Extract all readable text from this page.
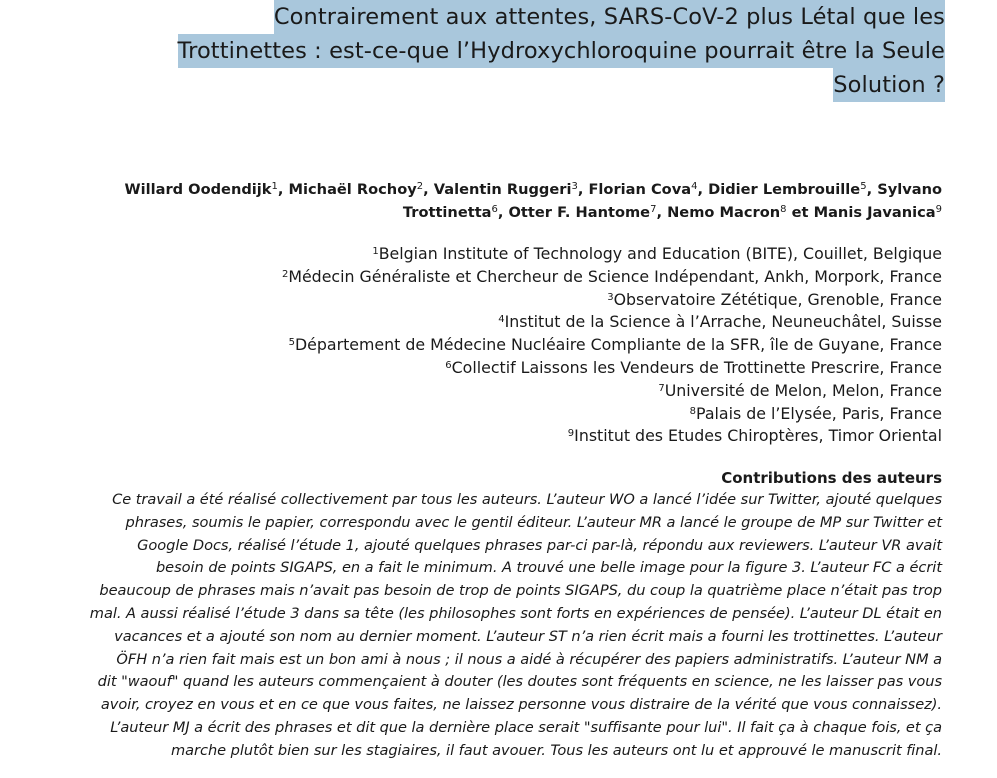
Contrairement aux attentes, SARS-CoV-2 plus Létal que les
Trottinettes : est-ce-que l’Hydroxychloroquine pourrait être la Seule
Solution ?
Willard Oodendijk$^1$, Michaël Rochoy$^2$, Valentin Ruggeri$^3$, Florian Cova$^4$, Didier Lembrouille$^5$, Sylvano
Trottinetta$^6$, Otter F. Hantome$^7$, Nemo Macron$^8$ et Manis Javanica$^9$
$^1$Belgian Institute of Technology and Education (BITE), Couillet, Belgique
$^2$Médecin Généraliste et Chercheur de Science Indépendant, Ankh, Morpork, France
$^3$Observatoire Zététique, Grenoble, France
$^4$Institut de la Science à l’Arrache, Neuneuchâtel, Suisse
$^5$Département de Médecine Nucléaire Compliante de la SFR, île de Guyane, France
$^6$Collectif Laissons les Vendeurs de Trottinette Prescrire, France
$^7$Université de Melon, Melon, France
$^8$Palais de l’Elysée, Paris, France
$^9$Institut des Etudes Chiroptères, Timor Oriental
Contributions des auteurs
Ce travail a été réalisé collectivement par tous les auteurs. L’auteur WO a lancé l’idée sur Twitter, ajouté quelques
phrases, soumis le papier, correspondu avec le gentil éditeur. L’auteur MR a lancé le groupe de MP sur Twitter et
Google Docs, réalisé l’étude 1, ajouté quelques phrases par-ci par-là, répondu aux reviewers. L’auteur VR avait
besoin de points SIGAPS, en a fait le minimum. A trouvé une belle image pour la figure 3. L’auteur FC a écrit
beaucoup de phrases mais n’avait pas besoin de trop de points SIGAPS, du coup la quatrième place n’était pas trop
mal. A aussi réalisé l’étude 3 dans sa tête (les philosophes sont forts en expériences de pensée). L’auteur DL était en
vacances et a ajouté son nom au dernier moment. L’auteur ST n’a rien écrit mais a fourni les trottinettes. L’auteur
ÖFH n’a rien fait mais est un bon ami à nous ; il nous a aidé à récupérer des papiers administratifs. L’auteur NM a
dit "waouf" quand les auteurs commençaient à douter (les doutes sont fréquents en science, ne les laisser pas vous
avoir, croyez en vous et en ce que vous faites, ne laissez personne vous distraire de la vérité que vous connaissez).
L’auteur MJ a écrit des phrases et dit que la dernière place serait "suffisante pour lui". Il fait ça à chaque fois, et ça
marche plutôt bien sur les stagiaires, il faut avouer. Tous les auteurs ont lu et approuvé le manuscrit final.
